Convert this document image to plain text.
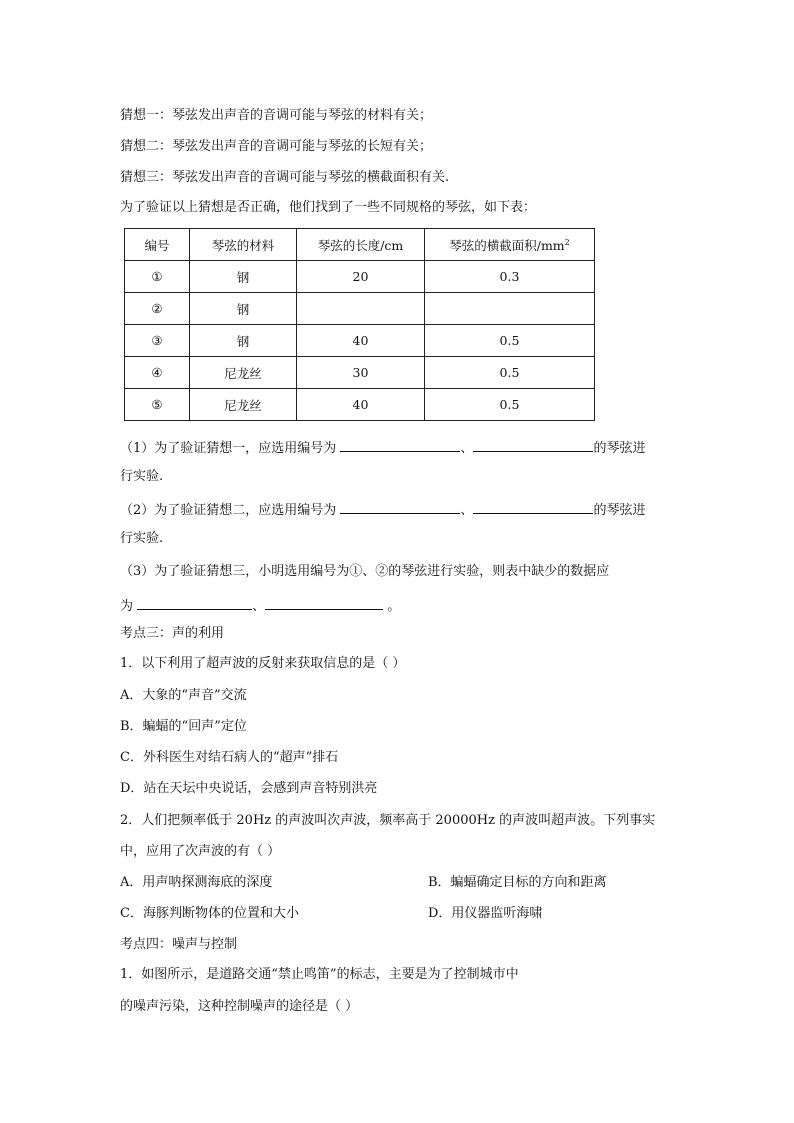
猜想一：琴弦发出声音的音调可能与琴弦的材料有关；
猜想二：琴弦发出声音的音调可能与琴弦的长短有关；
猜想三：琴弦发出声音的音调可能与琴弦的横截面积有关.
为了验证以上猜想是否正确，他们找到了一些不同规格的琴弦，如下表：
编号	琴弦的材料	琴弦的长度/cm	琴弦的横截面积$/mm^2$
①	钢	20	0.3
②	钢		
③	钢	40	0.5
④	尼龙丝	30	0.5
⑤	尼龙丝	40	0.5
（1）为了验证猜想一，应选用编号为	、	的琴弦进
行实验.
（2）为了验证猜想二，应选用编号为	、	的琴弦进
行实验.
（3）为了验证猜想三，小明选用编号为①、②的琴弦进行实验，则表中缺少的数据应
为	、	。
考点三：声的利用
1．以下利用了超声波的反射来获取信息的是（ ）
A．大象的“声音”交流
B．蝙蝠的“回声”定位
C．外科医生对结石病人的“超声”排石
D．站在天坛中央说话，会感到声音特别洪亮
2．人们把频率低于 20Hz 的声波叫次声波，频率高于 20000Hz 的声波叫超声波。下列事实
中，应用了次声波的有（ ）
A．用声呐探测海底的深度	B．蝙蝠确定目标的方向和距离
C．海豚判断物体的位置和大小	D．用仪器监听海啸
考点四：噪声与控制
1．如图所示，是道路交通“禁止鸣笛”的标志，主要是为了控制城市中
的噪声污染，这种控制噪声的途径是（ ）
